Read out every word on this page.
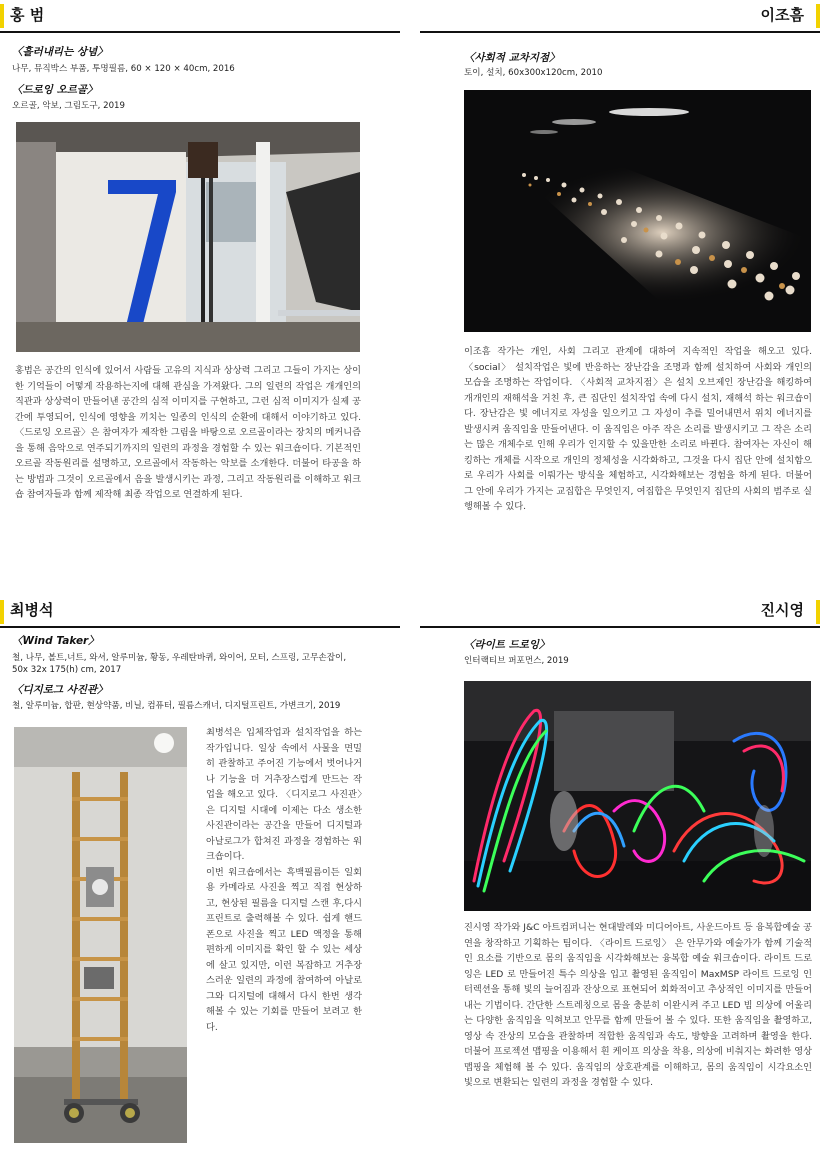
홍 범
〈흘러내리는 상념〉
나무, 뮤직박스 부품, 투명필름, 60 × 120 × 40cm, 2016
〈드로잉 오르골〉
오르골, 악보, 그림도구, 2019

홍범은 공간의 인식에 있어서 사람들 고유의 지식과 상상력 그리고 그들이 가지는 상이한 기억들이 어떻게 작용하는지에 대해 관심을 가져왔다. 그의 일련의 작업은 개개인의 직관과 상상력이 만들어낸 공간의 심적 이미지를 구현하고, 그런 심적 이미지가 실제 공간에 투영되어, 인식에 영향을 끼치는 일종의 인식의 순환에 대해서 이야기하고 있다. 〈드로잉 오르골〉은 참여자가 제작한 그림을 바탕으로 오르골이라는 장치의 메커니즘을 통해 음악으로 연주되기까지의 일련의 과정을 경험할 수 있는 워크숍이다. 기본적인 오르골 작동원리를 설명하고, 오르골에서 작동하는 악보를 소개한다. 더불어 타공을 하는 방법과 그것이 오르골에서 음을 발생시키는 과정, 그리고 작동원리를 이해하고 워크숍 참여자들과 함께 제작해 최종 작업으로 연결하게 된다.

이조흠
〈사회적 교차지점〉
토이, 설치, 60x300x120cm, 2010

이조흠 작가는 개인, 사회 그리고 관계에 대하여 지속적인 작업을 해오고 있다. 〈social〉 설치작업은 빛에 반응하는 장난감을 조명과 함께 설치하여 사회와 개인의 모습을 조명하는 작업이다. 〈사회적 교차지점〉은 설치 오브제인 장난감을 해킹하여 개개인의 재해석을 거친 후, 큰 집단인 설치작업 속에 다시 설치, 재해석 하는 워크숍이다. 장난감은 빛 에너지로 자성을 일으키고 그 자성이 추를 밀어내면서 위치 에너지를 발생시켜 움직임을 만들어낸다. 이 움직임은 아주 작은 소리를 발생시키고 그 작은 소리는 많은 개체수로 인해 우리가 인지할 수 있을만한 소리로 바뀐다. 참여자는 자신이 해킹하는 개체를 시작으로 개인의 정체성을 시각화하고, 그것을 다시 집단 안에 설치함으로 우리가 사회를 이뤄가는 방식을 체험하고, 시각화해보는 경험을 하게 된다. 더불어 그 안에 우리가 가지는 교집합은 무엇인지, 여집합은 무엇인지 집단의 사회의 범주로 실행해볼 수 있다.

최병석
〈Wind Taker〉
철, 나무, 볼트,너트, 와셔, 알루미늄, 황동, 우레탄바퀴, 와이어, 모터, 스프링, 고무손잡이,
50x 32x 175(h) cm, 2017
〈디지로그 사진관〉
철, 알루미늄, 합판, 현상약품, 비닐, 컴퓨터, 필름스캐너, 디지털프린트, 가변크기, 2019

최병석은 입체작업과 설치작업을 하는 작가입니다. 일상 속에서 사물을 면밀히 관찰하고 주어진 기능에서 벗어나거나 기능을 더 거추장스럽게 만드는 작업을 해오고 있다. 〈디지로그 사진관〉은 디지털 시대에 이제는 다소 생소한 사진관이라는 공간을 만들어 디지털과 아날로그가 합쳐진 과정을 경험하는 워크숍이다.

이번 워크숍에서는 흑백필름이든 일회용 카메라로 사진을 찍고 직접 현상하고, 현상된 필름을 디지털 스캔 후,다시 프린트로 출력해볼 수 있다. 쉽게 핸드폰으로 사진을 찍고 LED 액정을 통해 편하게 이미지를 확인 할 수 있는 세상에 살고 있지만, 이런 복잡하고 거추장스러운 일련의 과정에 참여하여 아날로그와 디지털에 대해서 다시 한번 생각해볼 수 있는 기회를 만들어 보려고 한다.

진시영
〈라이트 드로잉〉
인터랙티브 퍼포먼스, 2019

진시영 작가와 J&C 아트컴퍼니는 현대발레와 미디어아트, 사운드아트 등 융복합예술 공연을 창작하고 기획하는 팀이다. 〈라이트 드로잉〉 은 안무가와 예술가가 함께 기술적인 요소를 기반으로 몸의 움직임을 시각화해보는 융복합 예술 워크숍이다. 라이트 드로잉은 LED 로 만들어진 특수 의상을 입고 촬영된 움직임이 MaxMSP 라이트 드로잉 인터렉션을 통해 빛의 늘어짐과 잔상으로 표현되어 회화적이고 추상적인 이미지를 만들어내는 기법이다. 간단한 스트레칭으로 몸을 충분히 이완시켜 주고 LED 빔 의상에 어울리는 다양한 움직임을 익혀보고 안무를 함께 만들어 볼 수 있다. 또한 움직임을 촬영하고, 영상 속 잔상의 모습을 관찰하며 적합한 움직임과 속도, 방향을 고려하며 촬영을 한다. 더불어 프로젝션 맵핑을 이용해서 흰 케이프 의상을 착용, 의상에 비춰지는 화려한 영상맵핑을 체험해 볼 수 있다. 움직임의 상호관계를 이해하고, 몸의 움직임이 시각요소인 빛으로 변환되는 일련의 과정을 경험할 수 있다.
